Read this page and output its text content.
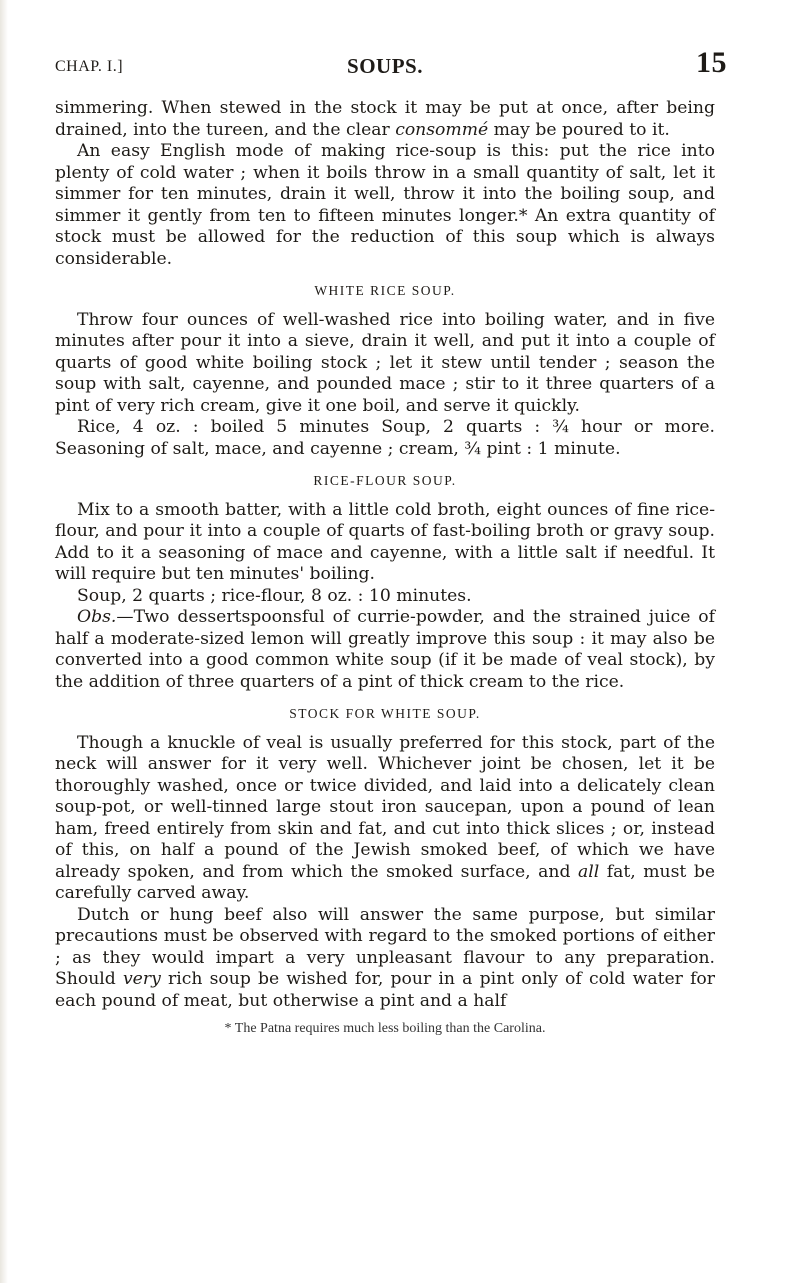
CHAP. I.]	SOUPS.	15

simmering. When stewed in the stock it may be put at once, after being drained, into the tureen, and the clear consommé may be poured to it.

An easy English mode of making rice-soup is this: put the rice into plenty of cold water ; when it boils throw in a small quantity of salt, let it simmer for ten minutes, drain it well, throw it into the boiling soup, and simmer it gently from ten to fifteen minutes longer.* An extra quantity of stock must be allowed for the reduction of this soup which is always considerable.

WHITE RICE SOUP.

Throw four ounces of well-washed rice into boiling water, and in five minutes after pour it into a sieve, drain it well, and put it into a couple of quarts of good white boiling stock ; let it stew until tender ; season the soup with salt, cayenne, and pounded mace ; stir to it three quarters of a pint of very rich cream, give it one boil, and serve it quickly.

Rice, 4 oz. : boiled 5 minutes Soup, 2 quarts : ¾ hour or more. Seasoning of salt, mace, and cayenne ; cream, ¾ pint : 1 minute.

RICE-FLOUR SOUP.

Mix to a smooth batter, with a little cold broth, eight ounces of fine rice-flour, and pour it into a couple of quarts of fast-boiling broth or gravy soup. Add to it a seasoning of mace and cayenne, with a little salt if needful. It will require but ten minutes' boiling.

Soup, 2 quarts ; rice-flour, 8 oz. : 10 minutes.

Obs.—Two dessertspoonsful of currie-powder, and the strained juice of half a moderate-sized lemon will greatly improve this soup : it may also be converted into a good common white soup (if it be made of veal stock), by the addition of three quarters of a pint of thick cream to the rice.

STOCK FOR WHITE SOUP.

Though a knuckle of veal is usually preferred for this stock, part of the neck will answer for it very well. Whichever joint be chosen, let it be thoroughly washed, once or twice divided, and laid into a delicately clean soup-pot, or well-tinned large stout iron saucepan, upon a pound of lean ham, freed entirely from skin and fat, and cut into thick slices ; or, instead of this, on half a pound of the Jewish smoked beef, of which we have already spoken, and from which the smoked surface, and all fat, must be carefully carved away.

Dutch or hung beef also will answer the same purpose, but similar precautions must be observed with regard to the smoked portions of either ; as they would impart a very unpleasant flavour to any preparation. Should very rich soup be wished for, pour in a pint only of cold water for each pound of meat, but otherwise a pint and a half

* The Patna requires much less boiling than the Carolina.
